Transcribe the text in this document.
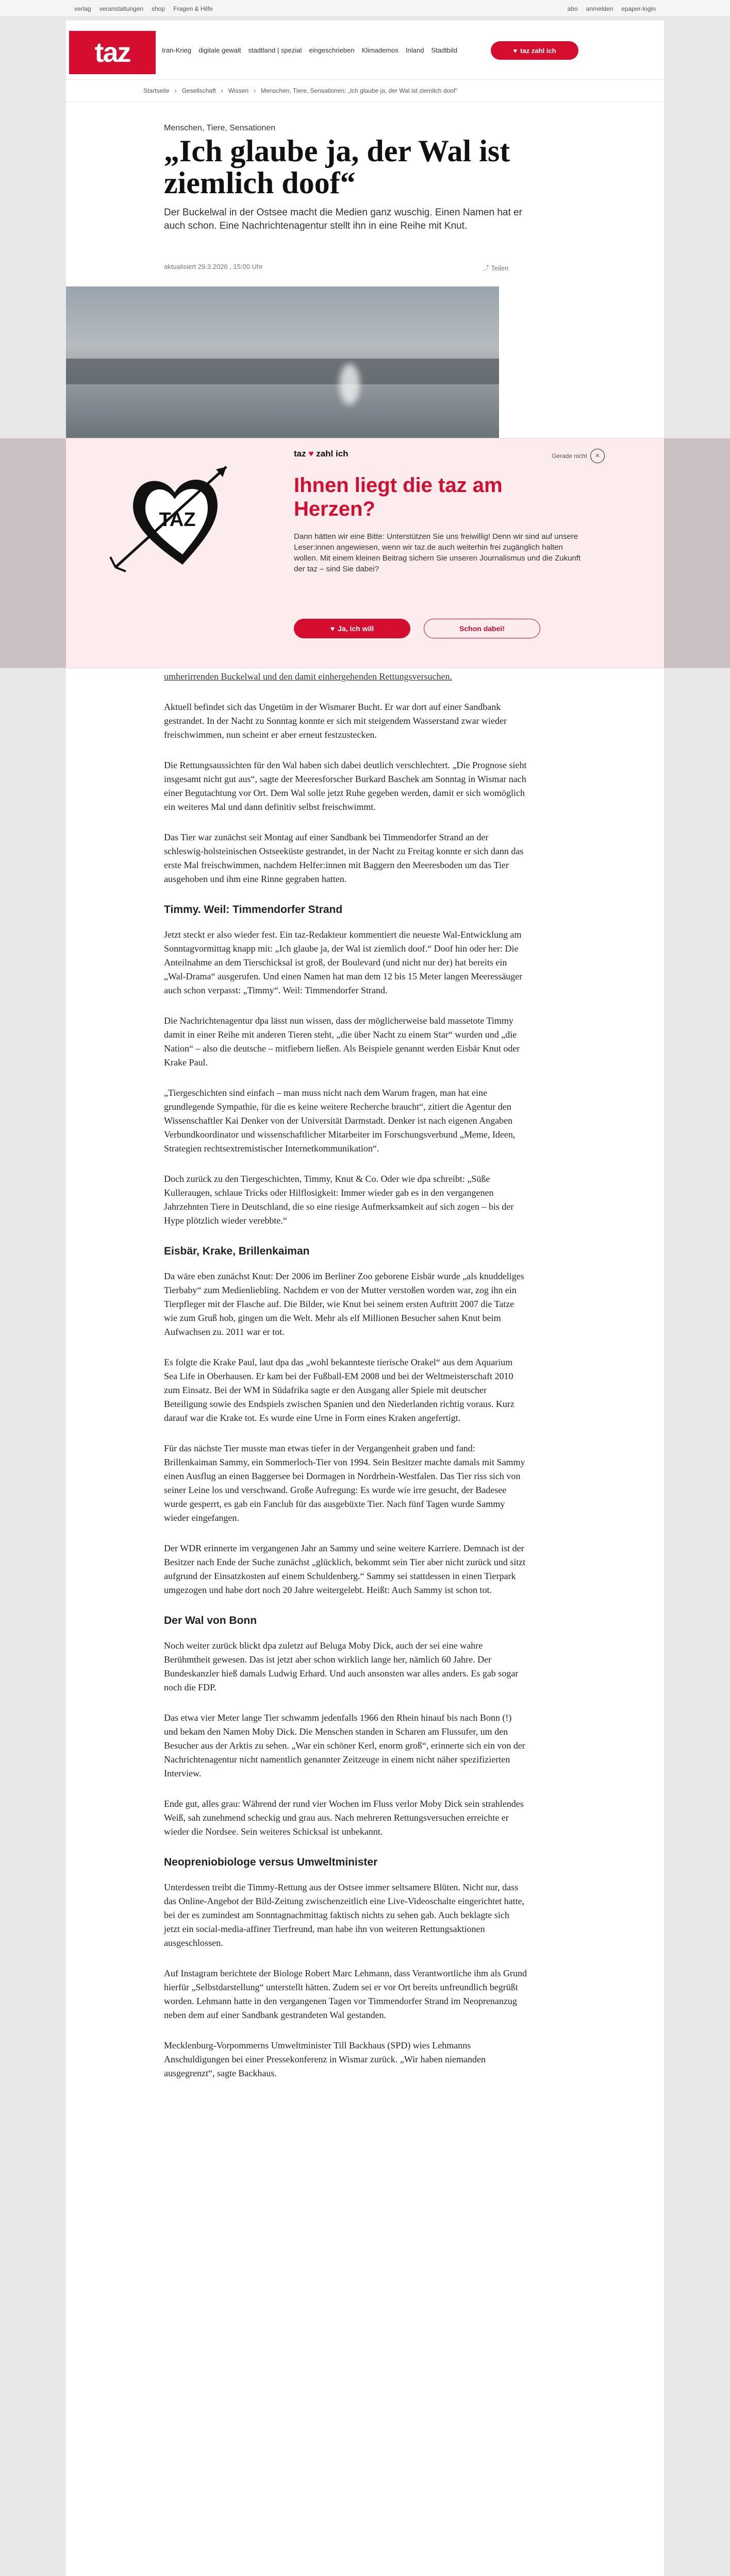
verlag veranstaltungen shop Fragen & Hilfe	abo anmelden epaper-login
taz	Iran-Krieg digitale gewalt stadtland | spezial eingeschrieben Klimademos Inland Stadtbild	♥ taz zahl ich
Startseite › Gesellschaft › Wissen › Menschen, Tiere, Sensationen: „Ich glaube ja, der Wal ist ziemlich doof“
Menschen, Tiere, Sensationen
„Ich glaube ja, der Wal ist ziemlich doof“
Der Buckelwal in der Ostsee macht die Medien ganz wuschig. Einen Namen hat er auch schon. Eine Nachrichtenagentur stellt ihn in eine Reihe mit Knut.
aktualisiert 29.3.2026 , 15:00 Uhr	⤴ Teilen
TAZ
taz ♥ zahl ich	Gerade nicht	×
Ihnen liegt die taz am Herzen?
Dann hätten wir eine Bitte: Unterstützen Sie uns freiwillig! Denn wir sind auf unsere Leser:innen angewiesen, wenn wir taz.de auch weiterhin frei zugänglich halten wollen. Mit einem kleinen Beitrag sichern Sie unseren Journalismus und die Zukunft der taz – sind Sie dabei?
♥ Ja, ich will	Schon dabei!

umherirrenden Buckelwal und den damit einhergehenden Rettungsversuchen.

Aktuell befindet sich das Ungetüm in der Wismarer Bucht. Er war dort auf einer Sandbank gestrandet. In der Nacht zu Sonntag konnte er sich mit steigendem Wasserstand zwar wieder freischwimmen, nun scheint er aber erneut festzustecken.

Die Rettungsaussichten für den Wal haben sich dabei deutlich verschlechtert. „Die Prognose sieht insgesamt nicht gut aus“, sagte der Meeresforscher Burkard Baschek am Sonntag in Wismar nach einer Begutachtung vor Ort. Dem Wal solle jetzt Ruhe gegeben werden, damit er sich womöglich ein weiteres Mal und dann definitiv selbst freischwimmt.

Das Tier war zunächst seit Montag auf einer Sandbank bei Timmendorfer Strand an der schleswig-holsteinischen Ostseeküste gestrandet, in der Nacht zu Freitag konnte er sich dann das erste Mal freischwimmen, nachdem Helfer:innen mit Baggern den Meeresboden um das Tier ausgehoben und ihm eine Rinne gegraben hatten.

Timmy. Weil: Timmendorfer Strand

Jetzt steckt er also wieder fest. Ein taz-Redakteur kommentiert die neueste Wal-Entwicklung am Sonntagvormittag knapp mit: „Ich glaube ja, der Wal ist ziemlich doof.“ Doof hin oder her: Die Anteilnahme an dem Tierschicksal ist groß, der Boulevard (und nicht nur der) hat bereits ein „Wal-Drama“ ausgerufen. Und einen Namen hat man dem 12 bis 15 Meter langen Meeressäuger auch schon verpasst: „Timmy“. Weil: Timmendorfer Strand.

Die Nachrichtenagentur dpa lässt nun wissen, dass der möglicherweise bald massetote Timmy damit in einer Reihe mit anderen Tieren steht, „die über Nacht zu einem Star“ wurden und „die Nation“ – also die deutsche – mitfiebern ließen. Als Beispiele genannt werden Eisbär Knut oder Krake Paul.

„Tiergeschichten sind einfach – man muss nicht nach dem Warum fragen, man hat eine grundlegende Sympathie, für die es keine weitere Recherche braucht“, zitiert die Agentur den Wissenschaftler Kai Denker von der Universität Darmstadt. Denker ist nach eigenen Angaben Verbundkoordinator und wissenschaftlicher Mitarbeiter im Forschungsverbund „Meme, Ideen, Strategien rechtsextremistischer Internetkommunikation“.

Doch zurück zu den Tiergeschichten, Timmy, Knut & Co. Oder wie dpa schreibt: „Süße Kulleraugen, schlaue Tricks oder Hilflosigkeit: Immer wieder gab es in den vergangenen Jahrzehnten Tiere in Deutschland, die so eine riesige Aufmerksamkeit auf sich zogen – bis der Hype plötzlich wieder verebbte.“

Eisbär, Krake, Brillenkaiman

Da wäre eben zunächst Knut: Der 2006 im Berliner Zoo geborene Eisbär wurde „als knuddeliges Tierbaby“ zum Medienliebling. Nachdem er von der Mutter verstoßen worden war, zog ihn ein Tierpfleger mit der Flasche auf. Die Bilder, wie Knut bei seinem ersten Auftritt 2007 die Tatze wie zum Gruß hob, gingen um die Welt. Mehr als elf Millionen Besucher sahen Knut beim Aufwachsen zu. 2011 war er tot.

Es folgte die Krake Paul, laut dpa das „wohl bekannteste tierische Orakel“ aus dem Aquarium Sea Life in Oberhausen. Er kam bei der Fußball-EM 2008 und bei der Weltmeisterschaft 2010 zum Einsatz. Bei der WM in Südafrika sagte er den Ausgang aller Spiele mit deutscher Beteiligung sowie des Endspiels zwischen Spanien und den Niederlanden richtig voraus. Kurz darauf war die Krake tot. Es wurde eine Urne in Form eines Kraken angefertigt.

Für das nächste Tier musste man etwas tiefer in der Vergangenheit graben und fand: Brillenkaiman Sammy, ein Sommerloch-Tier von 1994. Sein Besitzer machte damals mit Sammy einen Ausflug an einen Baggersee bei Dormagen in Nordrhein-Westfalen. Das Tier riss sich von seiner Leine los und verschwand. Große Aufregung: Es wurde wie irre gesucht, der Badesee wurde gesperrt, es gab ein Fanclub für das ausgebüxte Tier. Nach fünf Tagen wurde Sammy wieder eingefangen.

Der WDR erinnerte im vergangenen Jahr an Sammy und seine weitere Karriere. Demnach ist der Besitzer nach Ende der Suche zunächst „glücklich, bekommt sein Tier aber nicht zurück und sitzt aufgrund der Einsatzkosten auf einem Schuldenberg.“ Sammy sei stattdessen in einen Tierpark umgezogen und habe dort noch 20 Jahre weitergelebt. Heißt: Auch Sammy ist schon tot.

Der Wal von Bonn

Noch weiter zurück blickt dpa zuletzt auf Beluga Moby Dick, auch der sei eine wahre Berühmtheit gewesen. Das ist jetzt aber schon wirklich lange her, nämlich 60 Jahre. Der Bundeskanzler hieß damals Ludwig Erhard. Und auch ansonsten war alles anders. Es gab sogar noch die FDP.

Das etwa vier Meter lange Tier schwamm jedenfalls 1966 den Rhein hinauf bis nach Bonn (!) und bekam den Namen Moby Dick. Die Menschen standen in Scharen am Flussufer, um den Besucher aus der Arktis zu sehen. „War ein schöner Kerl, enorm groß“, erinnerte sich ein von der Nachrichtenagentur nicht namentlich genannter Zeitzeuge in einem nicht näher spezifizierten Interview.

Ende gut, alles grau: Während der rund vier Wochen im Fluss verlor Moby Dick sein strahlendes Weiß, sah zunehmend scheckig und grau aus. Nach mehreren Rettungsversuchen erreichte er wieder die Nordsee. Sein weiteres Schicksal ist unbekannt.

Neopreniobiologe versus Umweltminister

Unterdessen treibt die Timmy-Rettung aus der Ostsee immer seltsamere Blüten. Nicht nur, dass das Online-Angebot der Bild-Zeitung zwischenzeitlich eine Live-Videoschalte eingerichtet hatte, bei der es zumindest am Sonntagnachmittag faktisch nichts zu sehen gab. Auch beklagte sich jetzt ein social-media-affiner Tierfreund, man habe ihn von weiteren Rettungsaktionen ausgeschlossen.

Auf Instagram berichtete der Biologe Robert Marc Lehmann, dass Verantwortliche ihm als Grund hierfür „Selbstdarstellung“ unterstellt hätten. Zudem sei er vor Ort bereits unfreundlich begrüßt worden. Lehmann hatte in den vergangenen Tagen vor Timmendorfer Strand im Neoprenanzug neben dem auf einer Sandbank gestrandeten Wal gestanden.

Mecklenburg-Vorpommerns Umweltminister Till Backhaus (SPD) wies Lehmanns Anschuldigungen bei einer Pressekonferenz in Wismar zurück. „Wir haben niemanden ausgegrenzt“, sagte Backhaus.
